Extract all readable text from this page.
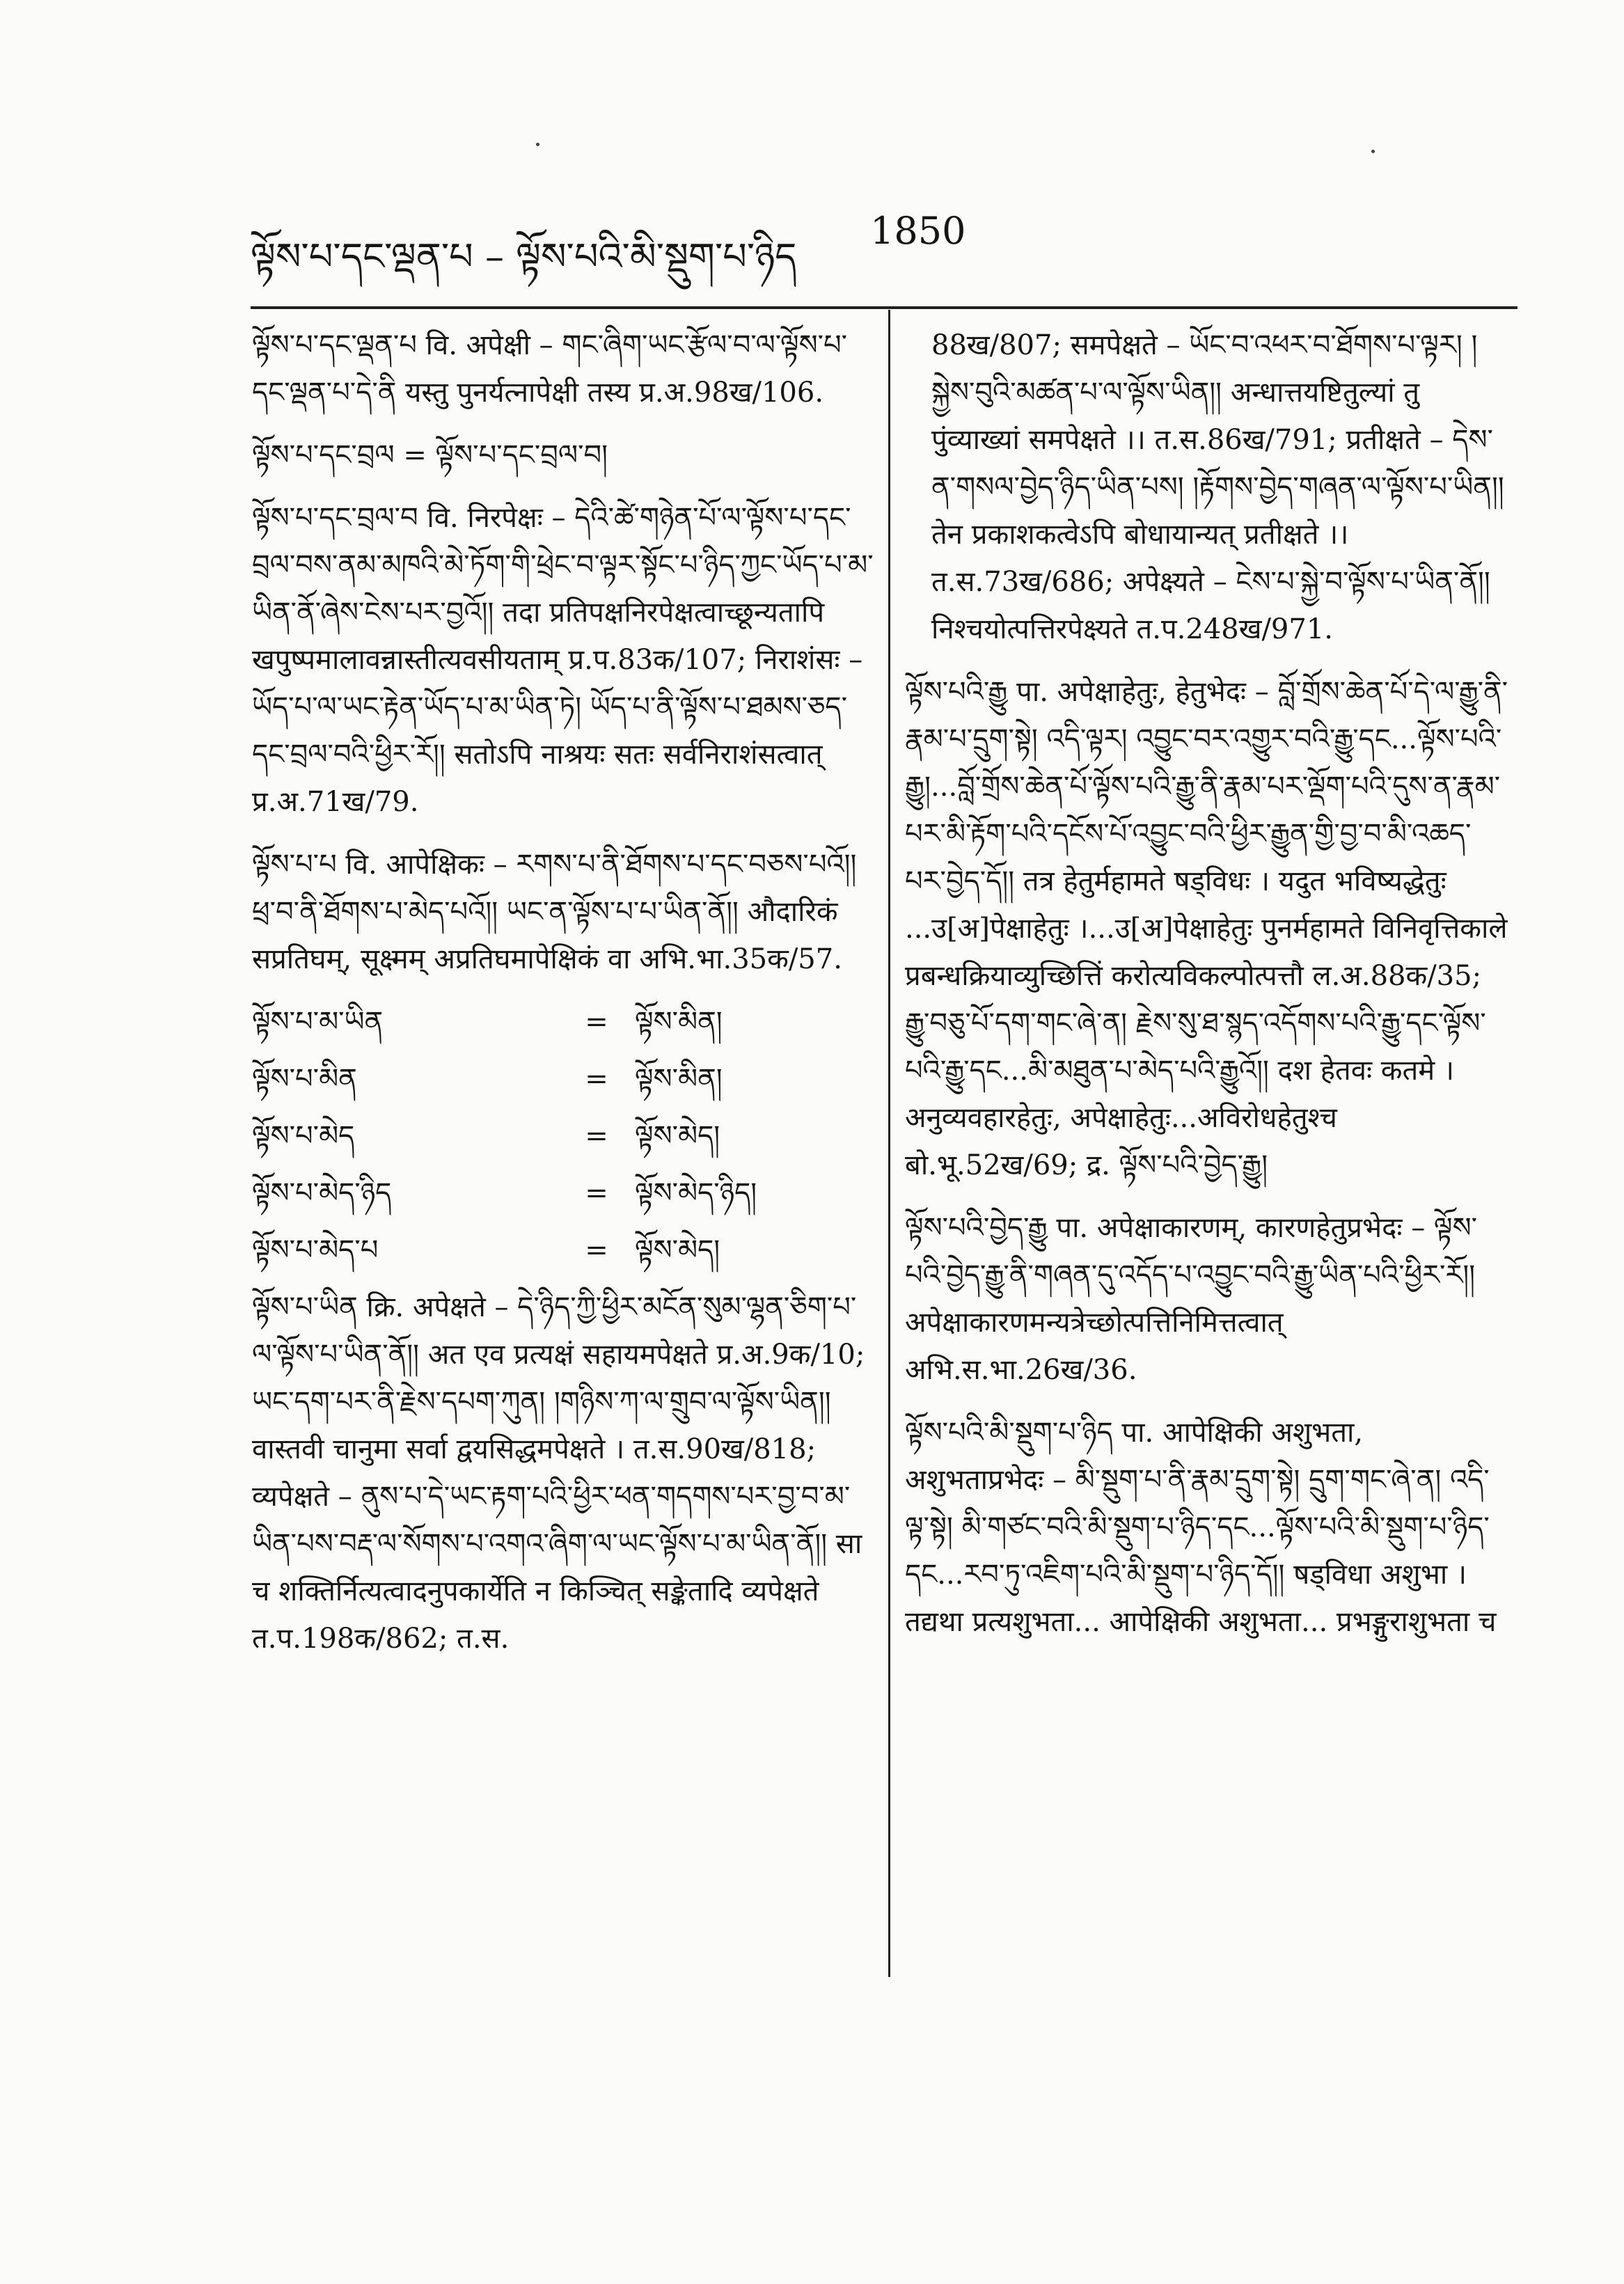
ལྟོས་པ་དང་ལྡན་པ – ལྟོས་པའི་མི་སྡུག་པ་ཉིད
1850

ལྟོས་པ་དང་ལྡན་པ वि. अपेक्षी – གང་ཞིག་ཡང་རྩོལ་བ་ལ་ལྟོས་པ་དང་ལྡན་པ་དེ་ནི यस्तु पुनर्यत्नापेक्षी तस्य प्र.अ.98ख/106.

ལྟོས་པ་དང་བྲལ = ལྟོས་པ་དང་བྲལ་བ།

ལྟོས་པ་དང་བྲལ་བ वि. निरपेक्षः – དེའི་ཚེ་གཉེན་པོ་ལ་ལྟོས་པ་དང་བྲལ་བས་ནམ་མཁའི་མེ་ཏོག་གི་ཕྲེང་བ་ལྟར་སྟོང་པ་ཉིད་ཀྱང་ཡོད་པ་མ་ཡིན་ནོ་ཞེས་ངེས་པར་བྱའོ།། तदा प्रतिपक्षनिरपेक्षत्वाच्छून्यतापि खपुष्पमालावन्नास्तीत्यवसीयताम् प्र.प.83क/107; निराशंसः – ཡོད་པ་ལ་ཡང་རྟེན་ཡོད་པ་མ་ཡིན་ཏེ། ཡོད་པ་ནི་ལྟོས་པ་ཐམས་ཅད་དང་བྲལ་བའི་ཕྱིར་རོ།། सतोऽपि नाश्रयः सतः सर्वनिराशंसत्वात् प्र.अ.71ख/79.

ལྟོས་པ་པ वि. आपेक्षिकः – རགས་པ་ནི་ཐོགས་པ་དང་བཅས་པའོ།། ཕྲ་བ་ནི་ཐོགས་པ་མེད་པའོ།། ཡང་ན་ལྟོས་པ་པ་ཡིན་ནོ།། औदारिकं सप्रतिघम्, सूक्ष्मम् अप्रतिघमापेक्षिकं वा अभि.भा.35क/57.

ལྟོས་པ་མ་ཡིན	= ལྟོས་མིན།
ལྟོས་པ་མིན	= ལྟོས་མིན།
ལྟོས་པ་མེད	= ལྟོས་མེད།
ལྟོས་པ་མེད་ཉིད	= ལྟོས་མེད་ཉིད།
ལྟོས་པ་མེད་པ	= ལྟོས་མེད།

ལྟོས་པ་ཡིན क्रि. अपेक्षते – དེ་ཉིད་ཀྱི་ཕྱིར་མངོན་སུམ་ལྷན་ཅིག་པ་ལ་ལྟོས་པ་ཡིན་ནོ།། अत एव प्रत्यक्षं सहायमपेक्षते प्र.अ.9क/10; ཡང་དག་པར་ནི་རྗེས་དཔག་ཀུན། །གཉིས་ཀ་ལ་གྲུབ་ལ་ལྟོས་ཡིན།། वास्तवी चानुमा सर्वा द्वयसिद्धमपेक्षते । त.स.90ख/818; व्यपेक्षते – ནུས་པ་དེ་ཡང་རྟག་པའི་ཕྱིར་ཕན་གདགས་པར་བྱ་བ་མ་ཡིན་པས་བརྡ་ལ་སོགས་པ་འགའ་ཞིག་ལ་ཡང་ལྟོས་པ་མ་ཡིན་ནོ།། सा च शक्तिर्नित्यत्वादनुपकार्येति न किञ्चित् सङ्केतादि व्यपेक्षते त.प.198क/862; त.स.

88ख/807; समपेक्षते – ཡོང་བ་འཕར་བ་ཐོགས་པ་ལྟར། །སྐྱེས་བུའི་མཚན་པ་ལ་ལྟོས་ཡིན།། अन्धात्तयष्टितुल्यां तु पुंव्याख्यां समपेक्षते ।। त.स.86ख/791; प्रतीक्षते – དེས་ན་གསལ་བྱེད་ཉིད་ཡིན་པས། །རྟོགས་བྱེད་གཞན་ལ་ལྟོས་པ་ཡིན།། तेन प्रकाशकत्वेऽपि बोधायान्यत् प्रतीक्षते ।। त.स.73ख/686; अपेक्ष्यते – ངེས་པ་སྐྱེ་བ་ལྟོས་པ་ཡིན་ནོ།། निश्चयोत्पत्तिरपेक्ष्यते त.प.248ख/971.

ལྟོས་པའི་རྒྱུ पा. अपेक्षाहेतुः, हेतुभेदः – བློ་གྲོས་ཆེན་པོ་དེ་ལ་རྒྱུ་ནི་རྣམ་པ་དྲུག་སྟེ། འདི་ལྟར། འབྱུང་བར་འགྱུར་བའི་རྒྱུ་དང...ལྟོས་པའི་རྒྱུ།...བློ་གྲོས་ཆེན་པོ་ལྟོས་པའི་རྒྱུ་ནི་རྣམ་པར་ལྡོག་པའི་དུས་ན་རྣམ་པར་མི་རྟོག་པའི་དངོས་པོ་འབྱུང་བའི་ཕྱིར་རྒྱུན་གྱི་བྱ་བ་མི་འཆད་པར་བྱེད་དོ།། तत्र हेतुर्महामते षड्विधः । यदुत भविष्यद्धेतुः ...उ[अ]पेक्षाहेतुः ।...उ[अ]पेक्षाहेतुः पुनर्महामते विनिवृत्तिकाले प्रबन्धक्रियाव्युच्छित्तिं करोत्यविकल्पोत्पत्तौ ल.अ.88क/35; རྒྱུ་བཅུ་པོ་དག་གང་ཞེ་ན། རྗེས་སུ་ཐ་སྙད་འདོགས་པའི་རྒྱུ་དང་ལྟོས་པའི་རྒྱུ་དང...མི་མཐུན་པ་མེད་པའི་རྒྱུའོ།། दश हेतवः कतमे । अनुव्यवहारहेतुः, अपेक्षाहेतुः...अविरोधहेतुश्च बो.भू.52ख/69; द्र. ལྟོས་པའི་བྱེད་རྒྱུ།

ལྟོས་པའི་བྱེད་རྒྱུ पा. अपेक्षाकारणम्, कारणहेतुप्रभेदः – ལྟོས་པའི་བྱེད་རྒྱུ་ནི་གཞན་དུ་འདོད་པ་འབྱུང་བའི་རྒྱུ་ཡིན་པའི་ཕྱིར་རོ།། अपेक्षाकारणमन्यत्रेच्छोत्पत्तिनिमित्तत्वात् अभि.स.भा.26ख/36.

ལྟོས་པའི་མི་སྡུག་པ་ཉིད पा. आपेक्षिकी अशुभता, अशुभताप्रभेदः – མི་སྡུག་པ་ནི་རྣམ་དྲུག་སྟེ། དྲུག་གང་ཞེ་ན། འདི་ལྟ་སྟེ། མི་གཙང་བའི་མི་སྡུག་པ་ཉིད་དང...ལྟོས་པའི་མི་སྡུག་པ་ཉིད་དང...རབ་ཏུ་འཇིག་པའི་མི་སྡུག་པ་ཉིད་དོ།། षड्विधा अशुभा । तद्यथा प्रत्यशुभता... आपेक्षिकी अशुभता... प्रभङ्गुराशुभता च
